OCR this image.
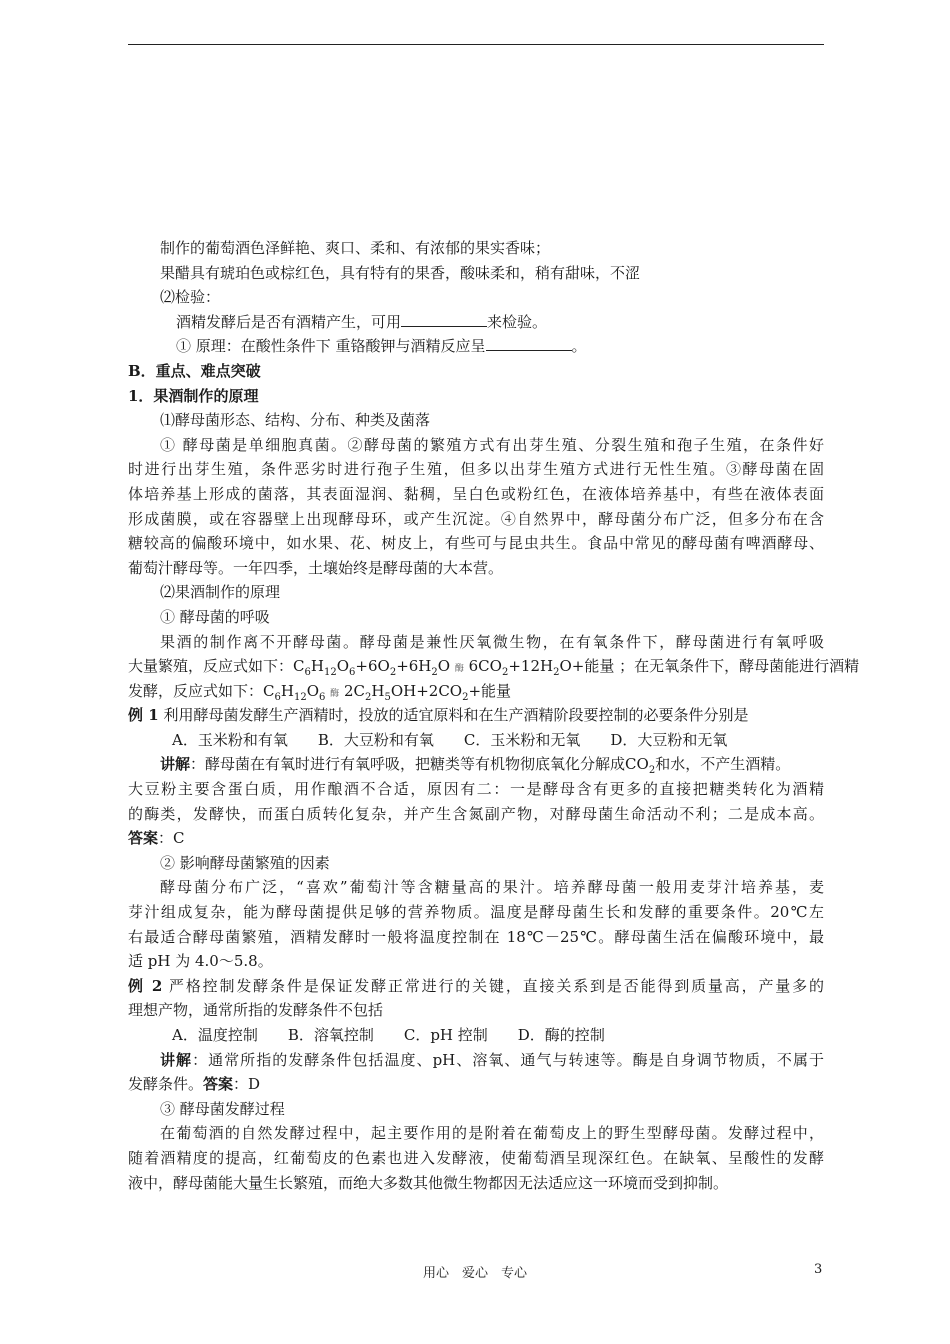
制作的葡萄酒色泽鲜艳、爽口、柔和、有浓郁的果实香味；
果醋具有琥珀色或棕红色，具有特有的果香，酸味柔和，稍有甜味，不涩
⑵检验：
酒精发酵后是否有酒精产生，可用	来检验。
① 原理：在酸性条件下 重铬酸钾与酒精反应呈	。
B．重点、难点突破
1．果酒制作的原理
⑴酵母菌形态、结构、分布、种类及菌落
① 酵母菌是单细胞真菌。②酵母菌的繁殖方式有出芽生殖、分裂生殖和孢子生殖，在条件好
时进行出芽生殖，条件恶劣时进行孢子生殖，但多以出芽生殖方式进行无性生殖。③酵母菌在固
体培养基上形成的菌落，其表面湿润、黏稠，呈白色或粉红色，在液体培养基中，有些在液体表面
形成菌膜，或在容器壁上出现酵母环，或产生沉淀。④自然界中，酵母菌分布广泛，但多分布在含
糖较高的偏酸环境中，如水果、花、树皮上，有些可与昆虫共生。食品中常见的酵母菌有啤酒酵母、
葡萄汁酵母等。一年四季，土壤始终是酵母菌的大本营。
⑵果酒制作的原理
① 酵母菌的呼吸
果酒的制作离不开酵母菌。酵母菌是兼性厌氧微生物，在有氧条件下，酵母菌进行有氧呼吸
大量繁殖，反应式如下：$C_6H_{12}O_6+6O_2+6H_2O$ 酶 $6CO_2+12H_2O+$能量 ；在无氧条件下，酵母菌能进行酒精
发酵，反应式如下：$C_6H_{12}O_6$ 酶 $2C_2H_5OH+2CO_2+$能量
例 1 利用酵母菌发酵生产酒精时，投放的适宜原料和在生产酒精阶段要控制的必要条件分别是
A．玉米粉和有氧　　B．大豆粉和有氧　　C．玉米粉和无氧　　D．大豆粉和无氧
讲解：酵母菌在有氧时进行有氧呼吸，把糖类等有机物彻底氧化分解成$CO_2$和水，不产生酒精。
大豆粉主要含蛋白质，用作酿酒不合适，原因有二：一是酵母含有更多的直接把糖类转化为酒精
的酶类，发酵快，而蛋白质转化复杂，并产生含氮副产物，对酵母菌生命活动不利；二是成本高。
答案：C
② 影响酵母菌繁殖的因素
酵母菌分布广泛，“喜欢”葡萄汁等含糖量高的果汁。培养酵母菌一般用麦芽汁培养基，麦
芽汁组成复杂，能为酵母菌提供足够的营养物质。温度是酵母菌生长和发酵的重要条件。20℃左
右最适合酵母菌繁殖，酒精发酵时一般将温度控制在 18℃－25℃。酵母菌生活在偏酸环境中，最
适 pH 为 4.0～5.8。
例 2 严格控制发酵条件是保证发酵正常进行的关键，直接关系到是否能得到质量高，产量多的
理想产物，通常所指的发酵条件不包括
A．温度控制　　B．溶氧控制　　C．pH 控制　　D．酶的控制
讲解：通常所指的发酵条件包括温度、pH、溶氧、通气与转速等。酶是自身调节物质，不属于
发酵条件。答案：D
③ 酵母菌发酵过程
在葡萄酒的自然发酵过程中，起主要作用的是附着在葡萄皮上的野生型酵母菌。发酵过程中，
随着酒精度的提高，红葡萄皮的色素也进入发酵液，使葡萄酒呈现深红色。在缺氧、呈酸性的发酵
液中，酵母菌能大量生长繁殖，而绝大多数其他微生物都因无法适应这一环境而受到抑制。
用心　爱心　专心	3
